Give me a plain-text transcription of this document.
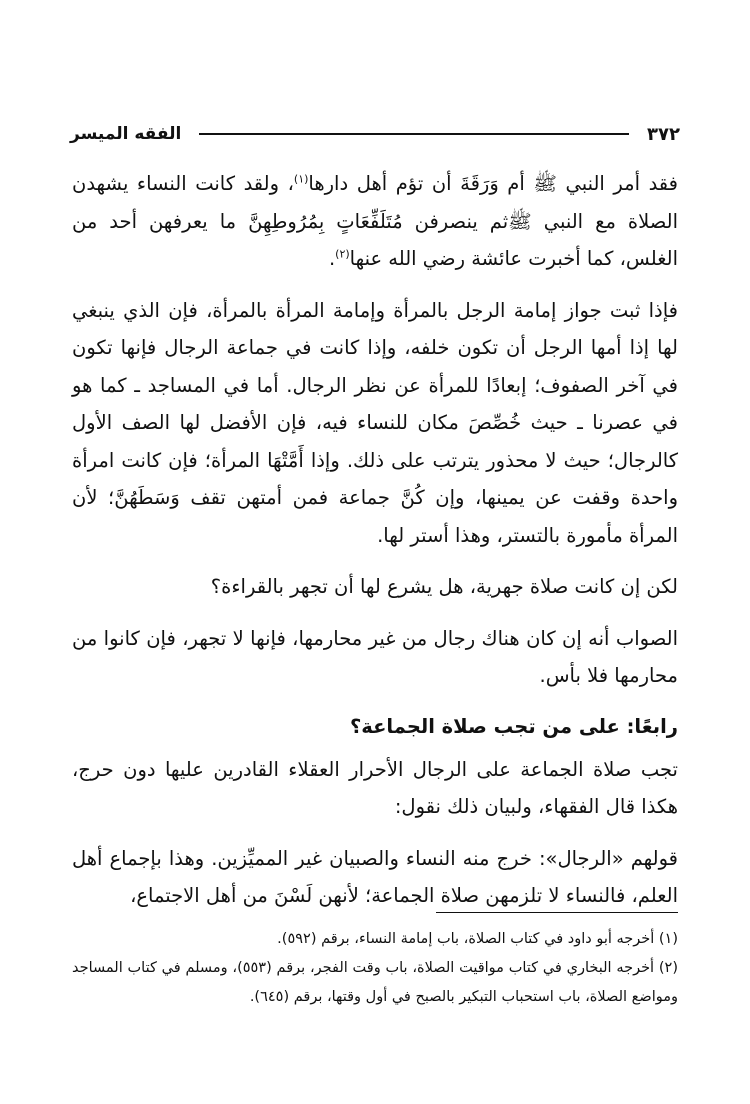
٣٧٢
الفقه الميسر

فقد أمر النبي ﷺ أم وَرَقَةَ أن تؤم أهل دارها$^{(١)}$، ولقد كانت النساء يشهدن الصلاة مع النبي ﷺثم ينصرفن مُتَلَفِّعَاتٍ بِمُرُوطِهِنَّ ما يعرفهن أحد من الغلس، كما أخبرت عائشة رضي الله عنها$^{(٢)}$.

فإذا ثبت جواز إمامة الرجل بالمرأة وإمامة المرأة بالمرأة، فإن الذي ينبغي لها إذا أمها الرجل أن تكون خلفه، وإذا كانت في جماعة الرجال فإنها تكون في آخر الصفوف؛ إبعادًا للمرأة عن نظر الرجال. أما في المساجد ـ كما هو في عصرنا ـ حيث خُصِّصَ مكان للنساء فيه، فإن الأفضل لها الصف الأول كالرجال؛ حيث لا محذور يترتب على ذلك. وإذا أَمَّتْهَا المرأة؛ فإن كانت امرأة واحدة وقفت عن يمينها، وإن كُنَّ جماعة فمن أمتهن تقف وَسَطَهُنَّ؛ لأن المرأة مأمورة بالتستر، وهذا أستر لها.

لكن إن كانت صلاة جهرية، هل يشرع لها أن تجهر بالقراءة؟

الصواب أنه إن كان هناك رجال من غير محارمها، فإنها لا تجهر، فإن كانوا من محارمها فلا بأس.

رابعًا: على من تجب صلاة الجماعة؟

تجب صلاة الجماعة على الرجال الأحرار العقلاء القادرين عليها دون حرج، هكذا قال الفقهاء، ولبيان ذلك نقول:

قولهم «الرجال»: خرج منه النساء والصبيان غير المميِّزين. وهذا بإجماع أهل العلم، فالنساء لا تلزمهن صلاة الجماعة؛ لأنهن لَسْنَ من أهل الاجتماع،

(١) أخرجه أبو داود في كتاب الصلاة، باب إمامة النساء، برقم (٥٩٢).

(٢) أخرجه البخاري في كتاب مواقيت الصلاة، باب وقت الفجر، برقم (٥٥٣)، ومسلم في كتاب المساجد ومواضع الصلاة، باب استحباب التبكير بالصبح في أول وقتها، برقم (٦٤٥).
